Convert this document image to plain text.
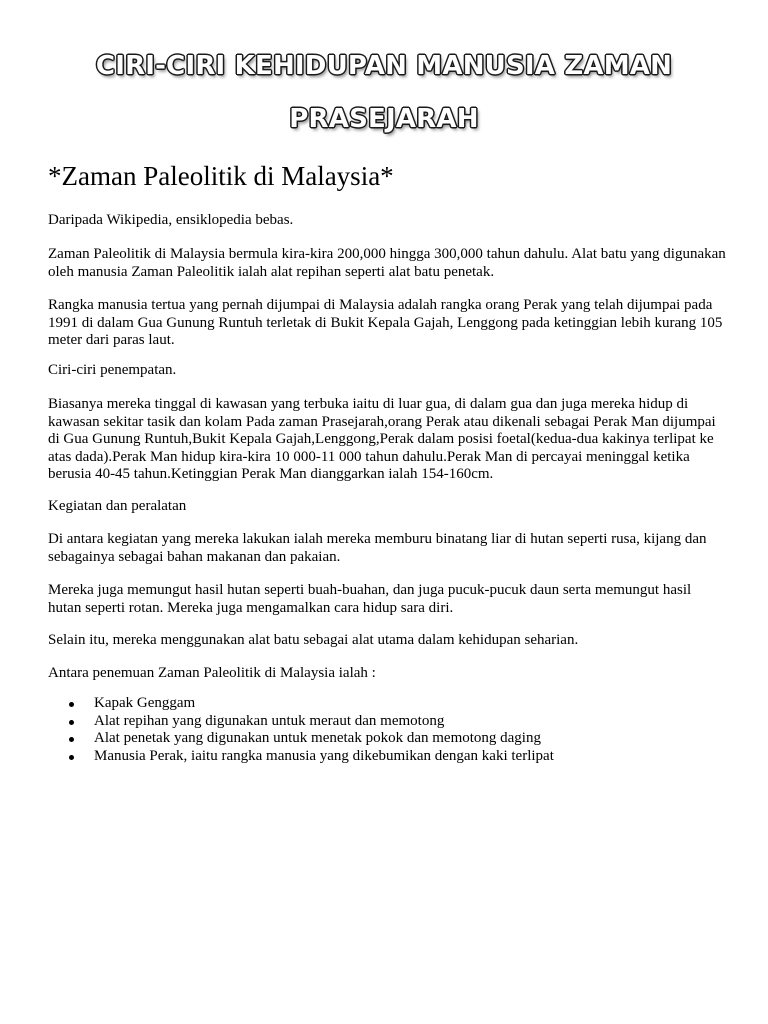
CIRI-CIRI KEHIDUPAN MANUSIA ZAMAN
PRASEJARAH
*Zaman Paleolitik di Malaysia*

Daripada Wikipedia, ensiklopedia bebas.

Zaman Paleolitik di Malaysia bermula kira-kira 200,000 hingga 300,000 tahun dahulu. Alat batu yang digunakan oleh manusia Zaman Paleolitik ialah alat repihan seperti alat batu penetak.

Rangka manusia tertua yang pernah dijumpai di Malaysia adalah rangka orang Perak yang telah dijumpai pada 1991 di dalam Gua Gunung Runtuh terletak di Bukit Kepala Gajah, Lenggong pada ketinggian lebih kurang 105 meter dari paras laut.

Ciri-ciri penempatan.

Biasanya mereka tinggal di kawasan yang terbuka iaitu di luar gua, di dalam gua dan juga mereka hidup di kawasan sekitar tasik dan kolam Pada zaman Prasejarah,orang Perak atau dikenali sebagai Perak Man dijumpai di Gua Gunung Runtuh,Bukit Kepala Gajah,Lenggong,Perak dalam posisi foetal(kedua-dua kakinya terlipat ke atas dada).Perak Man hidup kira-kira 10 000-11 000 tahun dahulu.Perak Man di percayai meninggal ketika berusia 40-45 tahun.Ketinggian Perak Man dianggarkan ialah 154-160cm.

Kegiatan dan peralatan

Di antara kegiatan yang mereka lakukan ialah mereka memburu binatang liar di hutan seperti rusa, kijang dan sebagainya sebagai bahan makanan dan pakaian.

Mereka juga memungut hasil hutan seperti buah-buahan, dan juga pucuk-pucuk daun serta memungut hasil hutan seperti rotan. Mereka juga mengamalkan cara hidup sara diri.

Selain itu, mereka menggunakan alat batu sebagai alat utama dalam kehidupan seharian.

Antara penemuan Zaman Paleolitik di Malaysia ialah :

Kapak Genggam
Alat repihan yang digunakan untuk meraut dan memotong
Alat penetak yang digunakan untuk menetak pokok dan memotong daging
Manusia Perak, iaitu rangka manusia yang dikebumikan dengan kaki terlipat
